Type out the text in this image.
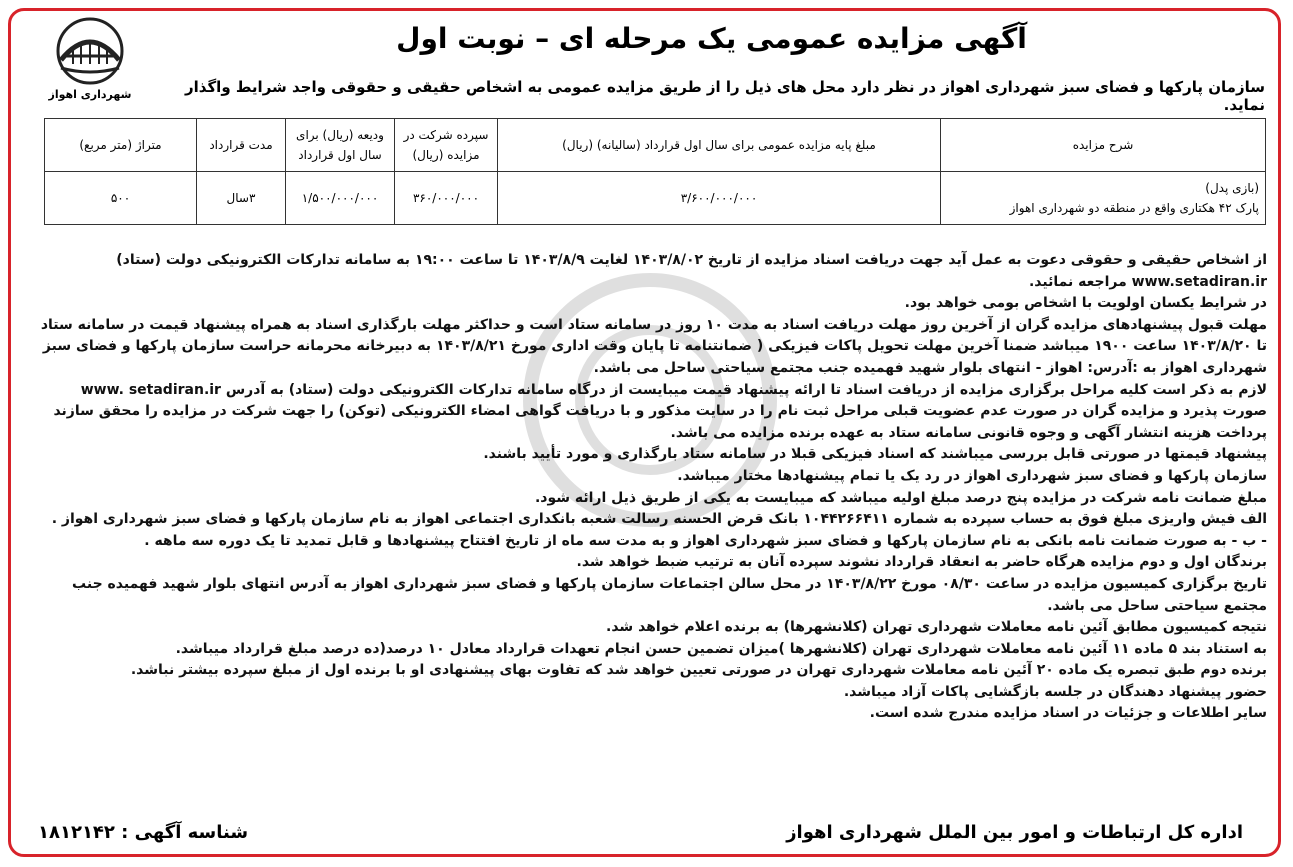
شهرداری اهواز
آگهی مزایده عمومی یک مرحله ای – نوبت اول
سازمان پارکها و فضای سبز شهرداری اهواز در نظر دارد محل های ذیل را از طریق مزایده عمومی به اشخاص حقیقی و حقوقی واجد شرایط واگذار نماید.
شرح مزایده	مبلغ پایه مزایده عمومی برای سال اول قرارداد (سالیانه) (ریال)	سپرده شرکت در مزایده (ریال)	ودیعه (ریال) برای سال اول قرارداد	مدت قرارداد	متراژ (متر مربع)

(بازی پدل)
پارک ۴۲ هکتاری واقع در منطقه دو شهرداری اهواز	۳/۶۰۰/۰۰۰/۰۰۰	۳۶۰/۰۰۰/۰۰۰	۱/۵۰۰/۰۰۰/۰۰۰	۳سال	۵۰۰

از اشخاص حقیقی و حقوقی دعوت به عمل آید جهت دریافت اسناد مزایده از تاریخ ۱۴۰۳/۸/۰۲ لغایت ۱۴۰۳/۸/۹ تا ساعت ۱۹:۰۰ به سامانه تدارکات الکترونیکی دولت (ستاد) www.setadiran.ir مراجعه نمائید.

در شرایط یکسان اولویت با اشخاص بومی خواهد بود.

مهلت قبول پیشنهادهای مزایده گران از آخرین روز مهلت دریافت اسناد به مدت ۱۰ روز در سامانه ستاد است و حداکثر مهلت بارگذاری اسناد به همراه پیشنهاد قیمت در سامانه ستاد تا ۱۴۰۳/۸/۲۰ ساعت ۱۹۰۰ میباشد ضمنا آخرین مهلت تحویل پاکات فیزیکی ( ضمانتنامه تا پایان وقت اداری مورخ ۱۴۰۳/۸/۲۱ به دبیرخانه محرمانه حراست سازمان پارکها و فضای سبز شهرداری اهواز به :آدرس: اهواز - انتهای بلوار شهید فهمیده جنب مجتمع سیاحتی ساحل می باشد.

لازم به ذکر است کلیه مراحل برگزاری مزایده از دریافت اسناد تا ارائه پیشنهاد قیمت میبایست از درگاه سامانه تدارکات الکترونیکی دولت (ستاد) به آدرس www. setadiran.ir صورت پذیرد و مزایده گران در صورت عدم عضویت قبلی مراحل ثبت نام را در سایت مذکور و با دریافت گواهی امضاء الکترونیکی (توکن) را جهت شرکت در مزایده را محقق سازند

پرداخت هزینه انتشار آگهی و وجوه قانونی سامانه ستاد به عهده برنده مزایده می باشد.

پیشنهاد قیمتها در صورتی قابل بررسی میباشند که اسناد فیزیکی قبلا در سامانه ستاد بارگذاری و مورد تأیید باشند.

سازمان پارکها و فضای سبز شهرداری اهواز در رد یک یا تمام پیشنهادها مختار میباشد.

مبلغ ضمانت نامه شرکت در مزایده پنج درصد مبلغ اولیه میباشد که میبایست به یکی از طریق ذیل ارائه شود.

الف فیش واریزی مبلغ فوق به حساب سپرده به شماره ۱۰۴۴۲۶۶۴۱۱ بانک قرض الحسنه رسالت شعبه بانکداری اجتماعی اهواز به نام سازمان پارکها و فضای سبز شهرداری اهواز .

- ب - به صورت ضمانت نامه بانکی به نام سازمان پارکها و فضای سبز شهرداری اهواز و به مدت سه ماه از تاریخ افتتاح پیشنهادها و قابل تمدید تا یک دوره سه ماهه .

برندگان اول و دوم مزایده هرگاه حاضر به انعقاد قرارداد نشوند سپرده آنان به ترتیب ضبط خواهد شد.

تاریخ برگزاری کمیسیون مزایده در ساعت ۰۸/۳۰ مورخ ۱۴۰۳/۸/۲۲ در محل سالن اجتماعات سازمان پارکها و فضای سبز شهرداری اهواز به آدرس انتهای بلوار شهید فهمیده جنب مجتمع سیاحتی ساحل می باشد.

نتیجه کمیسیون مطابق آئین نامه معاملات شهرداری تهران (کلانشهرها) به برنده اعلام خواهد شد.

به استناد بند ۵ ماده ۱۱ آئین نامه معاملات شهرداری تهران (کلانشهرها )میزان تضمین حسن انجام تعهدات قرارداد معادل ۱۰ درصد(ده درصد مبلغ قرارداد میباشد.

برنده دوم طبق تبصره یک ماده ۲۰ آئین نامه معاملات شهرداری تهران در صورتی تعیین خواهد شد که تفاوت بهای پیشنهادی او با برنده اول از مبلغ سپرده بیشتر نباشد.

حضور پیشنهاد دهندگان در جلسه بازگشایی پاکات آزاد میباشد.

سایر اطلاعات و جزئیات در اسناد مزایده مندرج شده است.

شناسه آگهی : ۱۸۱۲۱۴۲	اداره کل ارتباطات و امور بین الملل شهرداری اهواز
